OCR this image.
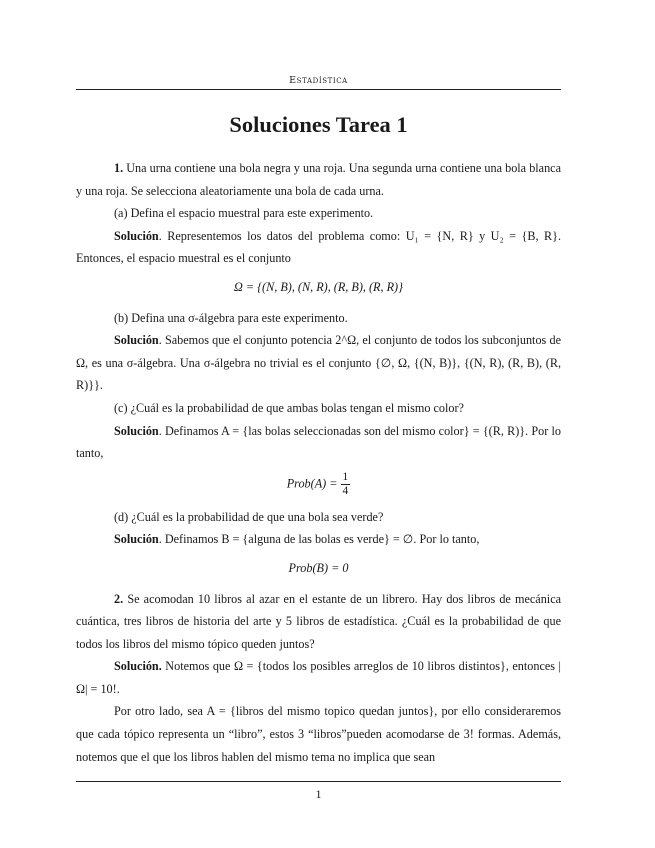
Estadística
Soluciones Tarea 1

1. Una urna contiene una bola negra y una roja. Una segunda urna contiene una bola blanca y una roja. Se selecciona aleatoriamente una bola de cada urna.

(a) Defina el espacio muestral para este experimento.

Solución. Representemos los datos del problema como: U₁ = {N, R} y U₂ = {B, R}. Entonces, el espacio muestral es el conjunto

Ω = {(N, B), (N, R), (R, B), (R, R)}

(b) Defina una σ-álgebra para este experimento.

Solución. Sabemos que el conjunto potencia 2^Ω, el conjunto de todos los subconjuntos de Ω, es una σ-álgebra. Una σ-álgebra no trivial es el conjunto {∅, Ω, {(N, B)}, {(N, R), (R, B), (R, R)}}.

(c) ¿Cuál es la probabilidad de que ambas bolas tengan el mismo color?

Solución. Definamos A = {las bolas seleccionadas son del mismo color} = {(R, R)}. Por lo tanto,

Prob(A) = $\frac{1}{4}$

(d) ¿Cuál es la probabilidad de que una bola sea verde?

Solución. Definamos B = {alguna de las bolas es verde} = ∅. Por lo tanto,

Prob(B) = 0

2. Se acomodan 10 libros al azar en el estante de un librero. Hay dos libros de mecánica cuántica, tres libros de historia del arte y 5 libros de estadística. ¿Cuál es la probabilidad de que todos los libros del mismo tópico queden juntos?

Solución. Notemos que Ω = {todos los posibles arreglos de 10 libros distintos}, entonces |Ω| = 10!.

Por otro lado, sea A = {libros del mismo topico quedan juntos}, por ello consideraremos que cada tópico representa un “libro”, estos 3 “libros”pueden acomodarse de 3! formas. Además, notemos que el que los libros hablen del mismo tema no implica que sean

1
